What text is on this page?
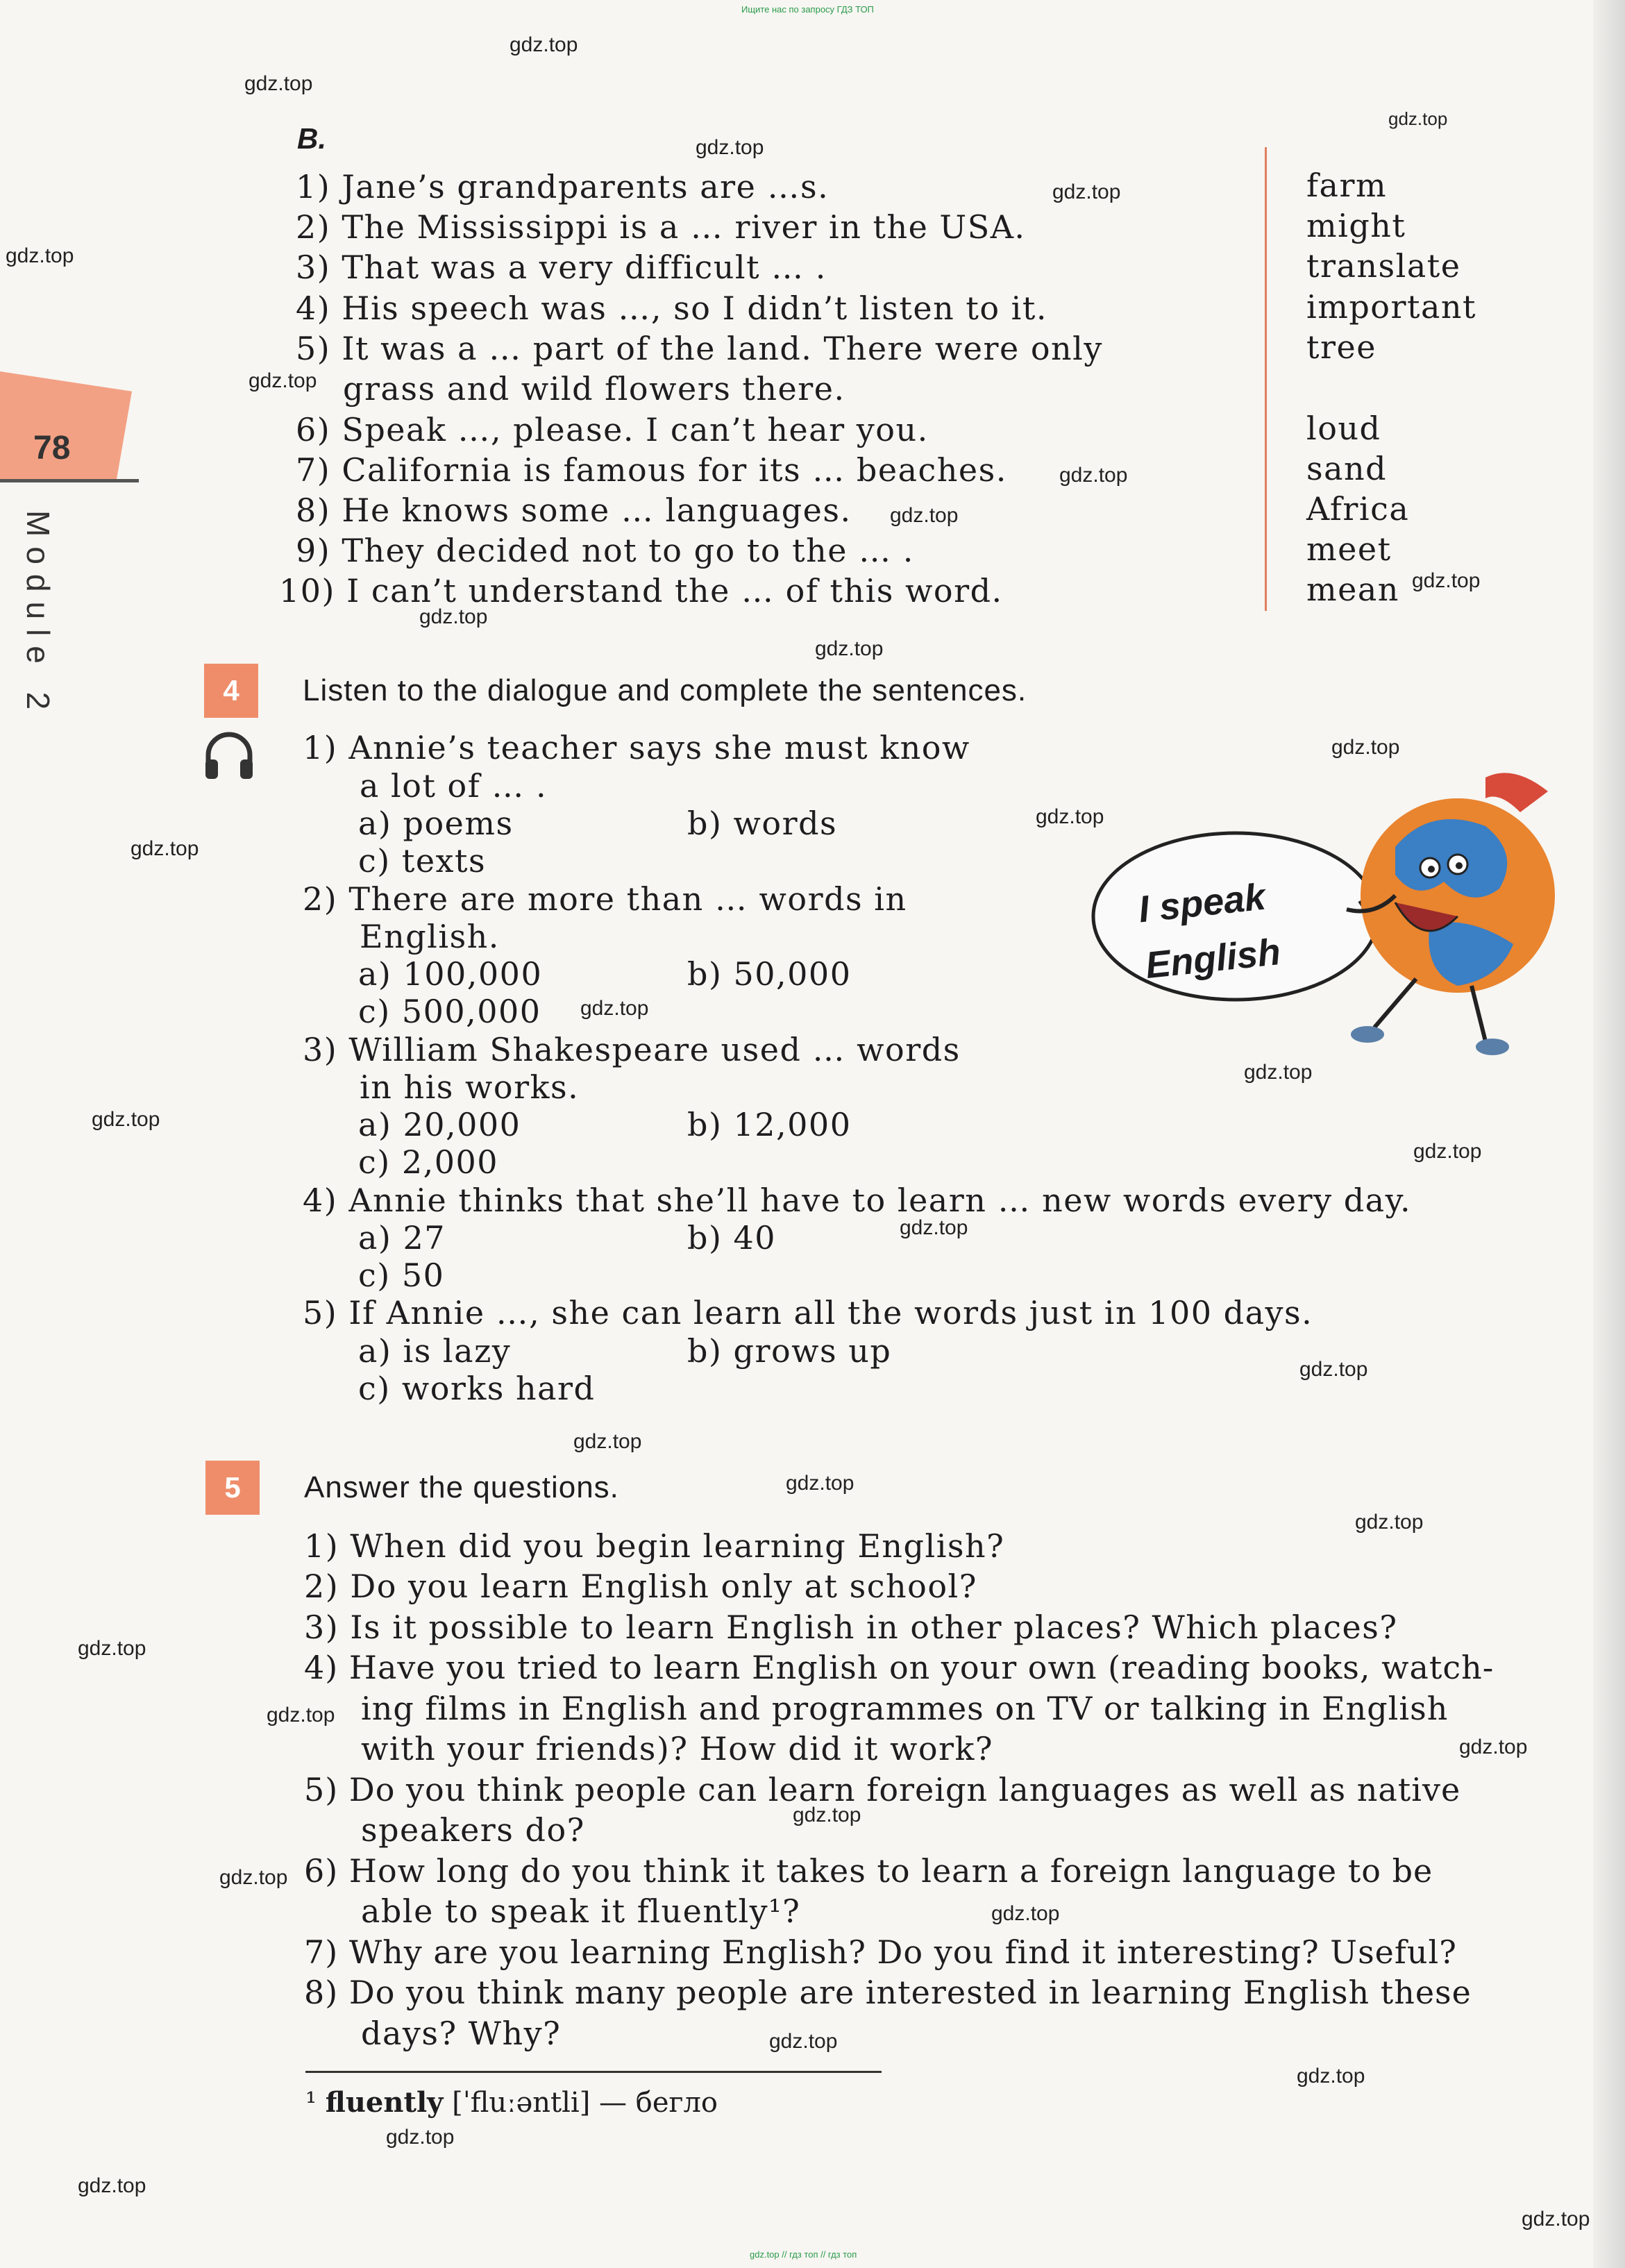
Ищите нас по запросу ГДЗ ТОП
gdz.top // гдз топ // гдз топ
78
Module 2
B.
1) Jane’s grandparents are …s.
2) The Mississippi is a … river in the USA.
3) That was a very difficult … .
4) His speech was …, so I didn’t listen to it.
5) It was a … part of the land. There were only
grass and wild flowers there.
6) Speak …, please. I can’t hear you.
7) California is famous for its … beaches.
8) He knows some … languages.
9) They decided not to go to the … .
10) I can’t understand the … of this word.
farm
might
translate
important
tree
loud
sand
Africa
meet
mean
4	Listen to the dialogue and complete the sentences.
1) Annie’s teacher says she must know
a lot of … .
a) poems	b) words
c) texts
2) There are more than … words in
English.
a) 100,000	b) 50,000
c) 500,000
3) William Shakespeare used … words
in his works.
a) 20,000	b) 12,000
c) 2,000
4) Annie thinks that she’ll have to learn … new words every day.
a) 27	b) 40
c) 50
5) If Annie …, she can learn all the words just in 100 days.
a) is lazy	b) grows up
c) works hard
I speak
English
5	Answer the questions.
1) When did you begin learning English?
2) Do you learn English only at school?
3) Is it possible to learn English in other places? Which places?
4) Have you tried to learn English on your own (reading books, watch-
ing films in English and programmes on TV or talking in English
with your friends)? How did it work?
5) Do you think people can learn foreign languages as well as native
speakers do?
6) How long do you think it takes to learn a foreign language to be
able to speak it fluently¹?
7) Why are you learning English? Do you find it interesting? Useful?
8) Do you think many people are interested in learning English these
days? Why?
¹ fluently [ˈfluːəntli] — бегло
gdz.top
gdz.top
gdz.top
gdz.top
gdz.top
gdz.top
gdz.top
gdz.top
gdz.top
gdz.top
gdz.top
gdz.top
gdz.top
gdz.top
gdz.top
gdz.top
gdz.top
gdz.top
gdz.top
gdz.top
gdz.top
gdz.top
gdz.top
gdz.top
gdz.top
gdz.top
gdz.top
gdz.top
gdz.top
gdz.top
gdz.top
gdz.top
gdz.top
gdz.top
gdz.top
